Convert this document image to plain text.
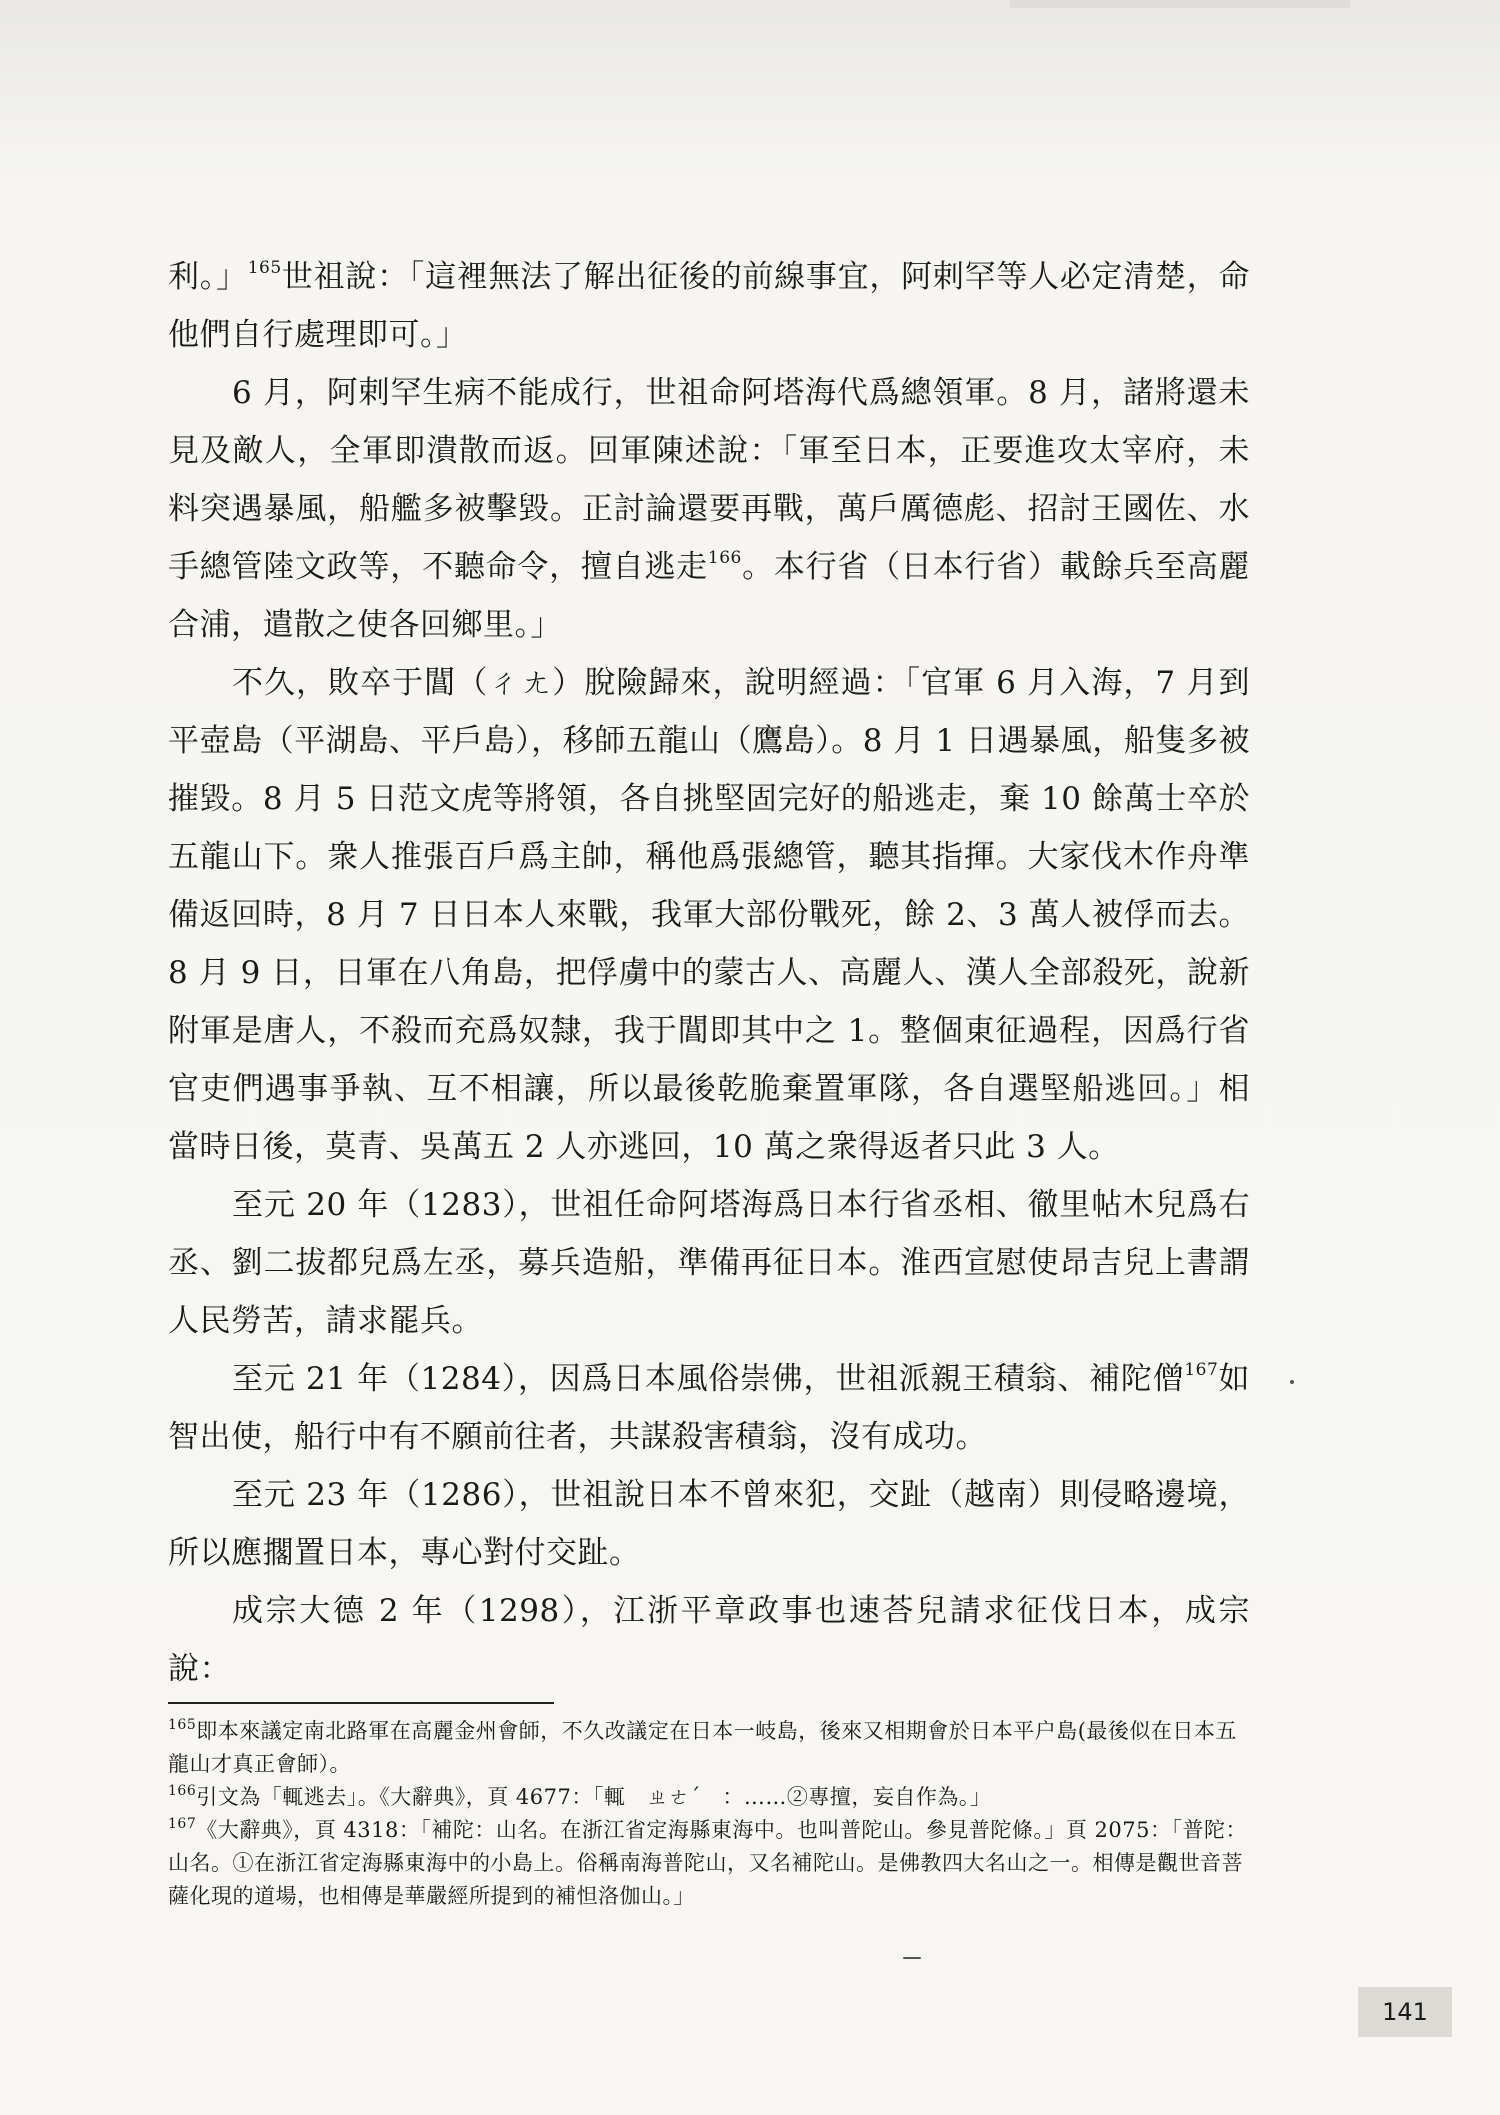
利。」$^{165}$世祖說：「這裡無法了解出征後的前線事宜，阿剌罕等人必定清楚，命他們自行處理即可。」

6 月，阿剌罕生病不能成行，世祖命阿塔海代爲總領軍。8 月，諸將還未見及敵人，全軍即潰散而返。回軍陳述說：「軍至日本，正要進攻太宰府，未料突遇暴風，船艦多被擊毀。正討論還要再戰，萬戶厲德彪、招討王國佐、水手總管陸文政等，不聽命令，擅自逃走$^{166}$。本行省（日本行省）載餘兵至高麗合浦，遣散之使各回鄉里。」

不久，敗卒于閶（ㄔㄤ）脫險歸來，說明經過：「官軍 6 月入海，7 月到平壺島（平湖島、平戶島），移師五龍山（鷹島）。8 月 1 日遇暴風，船隻多被摧毀。8 月 5 日范文虎等將領，各自挑堅固完好的船逃走，棄 10 餘萬士卒於五龍山下。衆人推張百戶爲主帥，稱他爲張總管，聽其指揮。大家伐木作舟準備返回時，8 月 7 日日本人來戰，我軍大部份戰死，餘 2、3 萬人被俘而去。8 月 9 日，日軍在八角島，把俘虜中的蒙古人、高麗人、漢人全部殺死，說新附軍是唐人，不殺而充爲奴隸，我于閶即其中之 1。整個東征過程，因爲行省官吏們遇事爭執、互不相讓，所以最後乾脆棄置軍隊，各自選堅船逃回。」相當時日後，莫青、吳萬五 2 人亦逃回，10 萬之衆得返者只此 3 人。

至元 20 年（1283），世祖任命阿塔海爲日本行省丞相、徹里帖木兒爲右丞、劉二拔都兒爲左丞，募兵造船，準備再征日本。淮西宣慰使昂吉兒上書謂人民勞苦，請求罷兵。

至元 21 年（1284），因爲日本風俗崇佛，世祖派親王積翁、補陀僧$^{167}$如智出使，船行中有不願前往者，共謀殺害積翁，沒有成功。

至元 23 年（1286），世祖說日本不曾來犯，交趾（越南）則侵略邊境，所以應擱置日本，專心對付交趾。

成宗大德 2 年（1298），江浙平章政事也速荅兒請求征伐日本，成宗說：

$^{165}$即本來議定南北路軍在高麗金州會師，不久改議定在日本一岐島，後來又相期會於日本平户島(最後似在日本五龍山才真正會師）。

$^{166}$引文為「輒逃去」。《大辭典》，頁 4677：「輒　ㄓㄜˊ　：……②專擅，妄自作為。」

$^{167}$《大辭典》，頁 4318：「補陀：山名。在浙江省定海縣東海中。也叫普陀山。參見普陀條。」頁 2075：「普陀：山名。①在浙江省定海縣東海中的小島上。俗稱南海普陀山，又名補陀山。是佛教四大名山之一。相傳是觀世音菩薩化現的道場，也相傳是華嚴經所提到的補怛洛伽山。」

141
